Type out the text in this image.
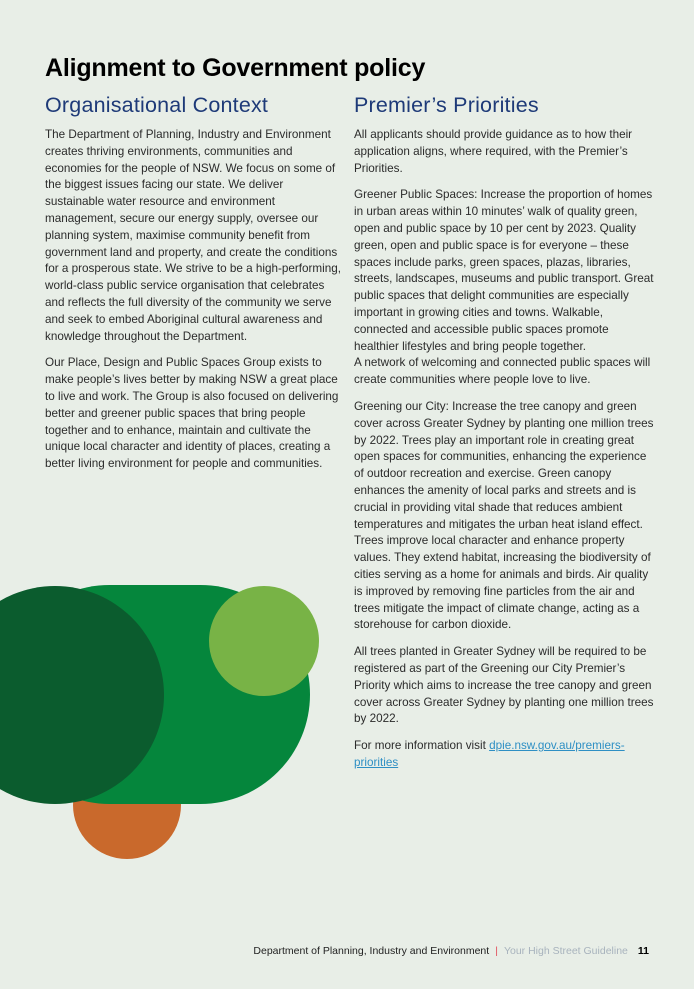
Alignment to Government policy
Organisational Context

The Department of Planning, Industry and Environment creates thriving environments, communities and economies for the people of NSW. We focus on some of the biggest issues facing our state. We deliver sustainable water resource and environment management, secure our energy supply, oversee our planning system, maximise community benefit from government land and property, and create the conditions for a prosperous state. We strive to be a high-performing, world-class public service organisation that celebrates and reflects the full diversity of the community we serve and seek to embed Aboriginal cultural awareness and knowledge throughout the Department.

Our Place, Design and Public Spaces Group exists to make people’s lives better by making NSW a great place to live and work. The Group is also focused on delivering better and greener public spaces that bring people together and to enhance, maintain and cultivate the unique local character and identity of places, creating a better living environment for people and communities.

Premier’s Priorities

All applicants should provide guidance as to how their application aligns, where required, with the Premier’s Priorities.

Greener Public Spaces: Increase the proportion of homes in urban areas within 10 minutes’ walk of quality green, open and public space by 10 per cent by 2023. Quality green, open and public space is for everyone – these spaces include parks, green spaces, plazas, libraries, streets, landscapes, museums and public transport. Great public spaces that delight communities are especially important in growing cities and towns. Walkable, connected and accessible public spaces promote healthier lifestyles and bring people together.

A network of welcoming and connected public spaces will create communities where people love to live.

Greening our City: Increase the tree canopy and green cover across Greater Sydney by planting one million trees by 2022. Trees play an important role in creating great open spaces for communities, enhancing the experience of outdoor recreation and exercise. Green canopy enhances the amenity of local parks and streets and is crucial in providing vital shade that reduces ambient temperatures and mitigates the urban heat island effect. Trees improve local character and enhance property values. They extend habitat, increasing the biodiversity of cities serving as a home for animals and birds. Air quality is improved by removing fine particles from the air and trees mitigate the impact of climate change, acting as a storehouse for carbon dioxide.

All trees planted in Greater Sydney will be required to be registered as part of the Greening our City Premier’s Priority which aims to increase the tree canopy and green cover across Greater Sydney by planting one million trees by 2022.

For more information visit dpie.nsw.gov.au/premiers-priorities

Department of Planning, Industry and Environment | Your High Street Guideline 11
